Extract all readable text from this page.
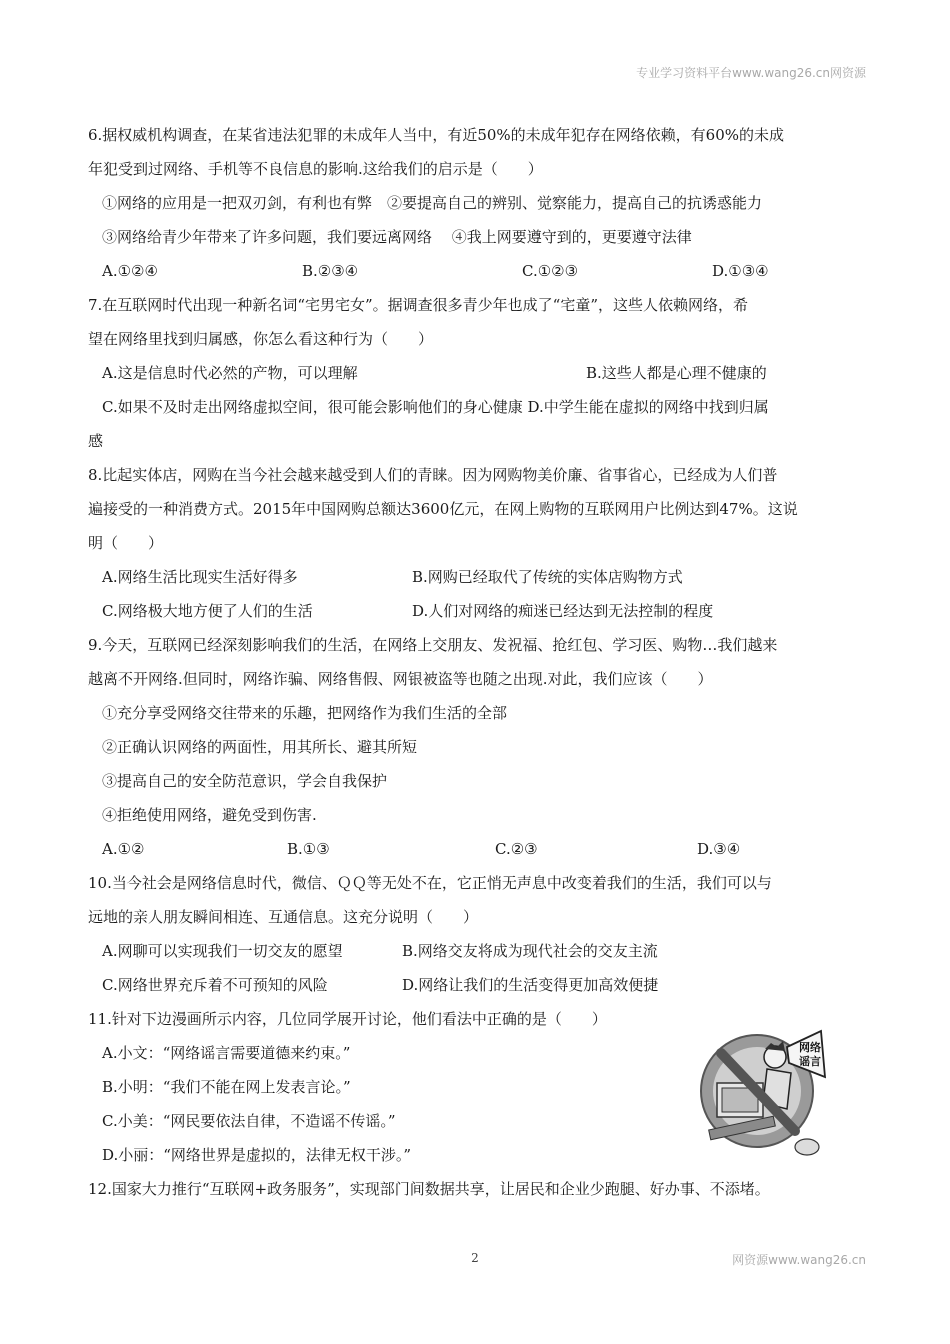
专业学习资料平台www.wang26.cn网资源
6.据权威机构调查，在某省违法犯罪的未成年人当中，有近50%的未成年犯存在网络依赖，有60%的未成
年犯受到过网络、手机等不良信息的影响.这给我们的启示是（　　）
①网络的应用是一把双刃剑，有利也有弊　②要提高自己的辨别、觉察能力，提高自己的抗诱惑能力
③网络给青少年带来了许多问题，我们要远离网络　 ④我上网要遵守到的，更要遵守法律
A.①②④	B.②③④	C.①②③	D.①③④
7.在互联网时代出现一种新名词“宅男宅女”。据调查很多青少年也成了“宅童”，这些人依赖网络，希
望在网络里找到归属感，你怎么看这种行为（　　）
A.这是信息时代必然的产物，可以理解	B.这些人都是心理不健康的
C.如果不及时走出网络虚拟空间，很可能会影响他们的身心健康 D.中学生能在虚拟的网络中找到归属
感
8.比起实体店，网购在当今社会越来越受到人们的青睐。因为网购物美价廉、省事省心，已经成为人们普
遍接受的一种消费方式。2015年中国网购总额达3600亿元，在网上购物的互联网用户比例达到47%。这说
明（　　）
A.网络生活比现实生活好得多	B.网购已经取代了传统的实体店购物方式
C.网络极大地方便了人们的生活	D.人们对网络的痴迷已经达到无法控制的程度
9.今天，互联网已经深刻影响我们的生活，在网络上交朋友、发祝福、抢红包、学习医、购物…我们越来
越离不开网络.但同时，网络诈骗、网络售假、网银被盗等也随之出现.对此，我们应该（　　）
①充分享受网络交往带来的乐趣，把网络作为我们生活的全部
②正确认识网络的两面性，用其所长、避其所短
③提高自己的安全防范意识，学会自我保护
④拒绝使用网络，避免受到伤害.
A.①②	B.①③	C.②③	D.③④
10.当今社会是网络信息时代，微信、ＱＱ等无处不在，它正悄无声息中改变着我们的生活，我们可以与
远地的亲人朋友瞬间相连、互通信息。这充分说明（　　）
A.网聊可以实现我们一切交友的愿望	B.网络交友将成为现代社会的交友主流
C.网络世界充斥着不可预知的风险	D.网络让我们的生活变得更加高效便捷
11.针对下边漫画所示内容，几位同学展开讨论，他们看法中正确的是（　　）
A.小文：“网络谣言需要道德来约束。”
B.小明：“我们不能在网上发表言论。”
C.小美：“网民要依法自律，不造谣不传谣。”
D.小丽：“网络世界是虚拟的，法律无权干涉。”
12.国家大力推行“互联网+政务服务”，实现部门间数据共享，让居民和企业少跑腿、好办事、不添堵。
网络
谣言
2	网资源www.wang26.cn
